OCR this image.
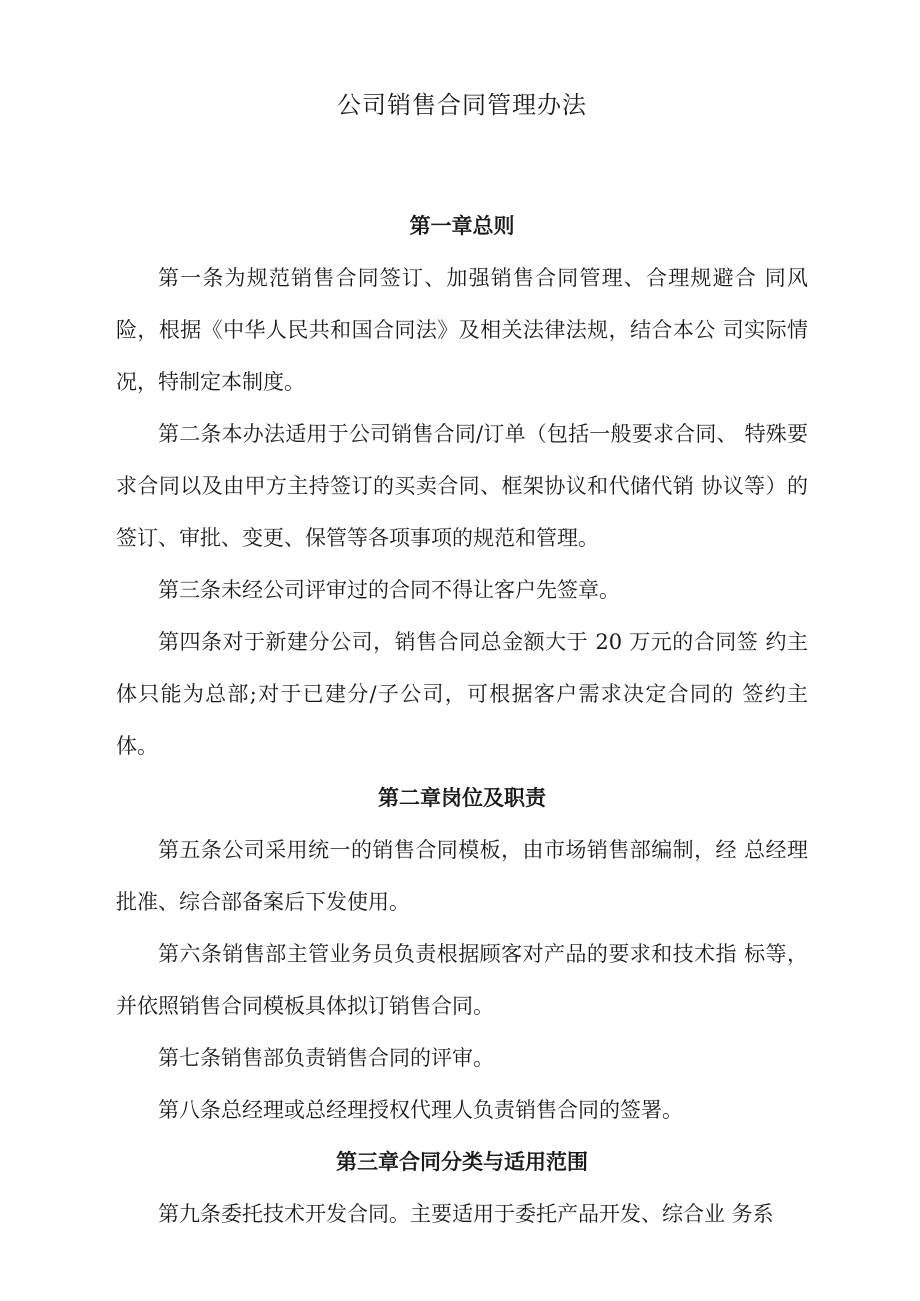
公司销售合同管理办法
第一章总则

第一条为规范销售合同签订、加强销售合同管理、合理规避合 同风险，根据《中华人民共和国合同法》及相关法律法规，结合本公 司实际情况，特制定本制度。

第二条本办法适用于公司销售合同/订单（包括一般要求合同、 特殊要求合同以及由甲方主持签订的买卖合同、框架协议和代储代销 协议等）的签订、审批、变更、保管等各项事项的规范和管理。

第三条未经公司评审过的合同不得让客户先签章。

第四条对于新建分公司，销售合同总金额大于 20 万元的合同签 约主体只能为总部;对于已建分/子公司，可根据客户需求决定合同的 签约主体。

第二章岗位及职责

第五条公司采用统一的销售合同模板，由市场销售部编制，经 总经理批准、综合部备案后下发使用。

第六条销售部主管业务员负责根据顾客对产品的要求和技术指 标等，并依照销售合同模板具体拟订销售合同。

第七条销售部负责销售合同的评审。

第八条总经理或总经理授权代理人负责销售合同的签署。

第三章合同分类与适用范围

第九条委托技术开发合同。主要适用于委托产品开发、综合业 务系
